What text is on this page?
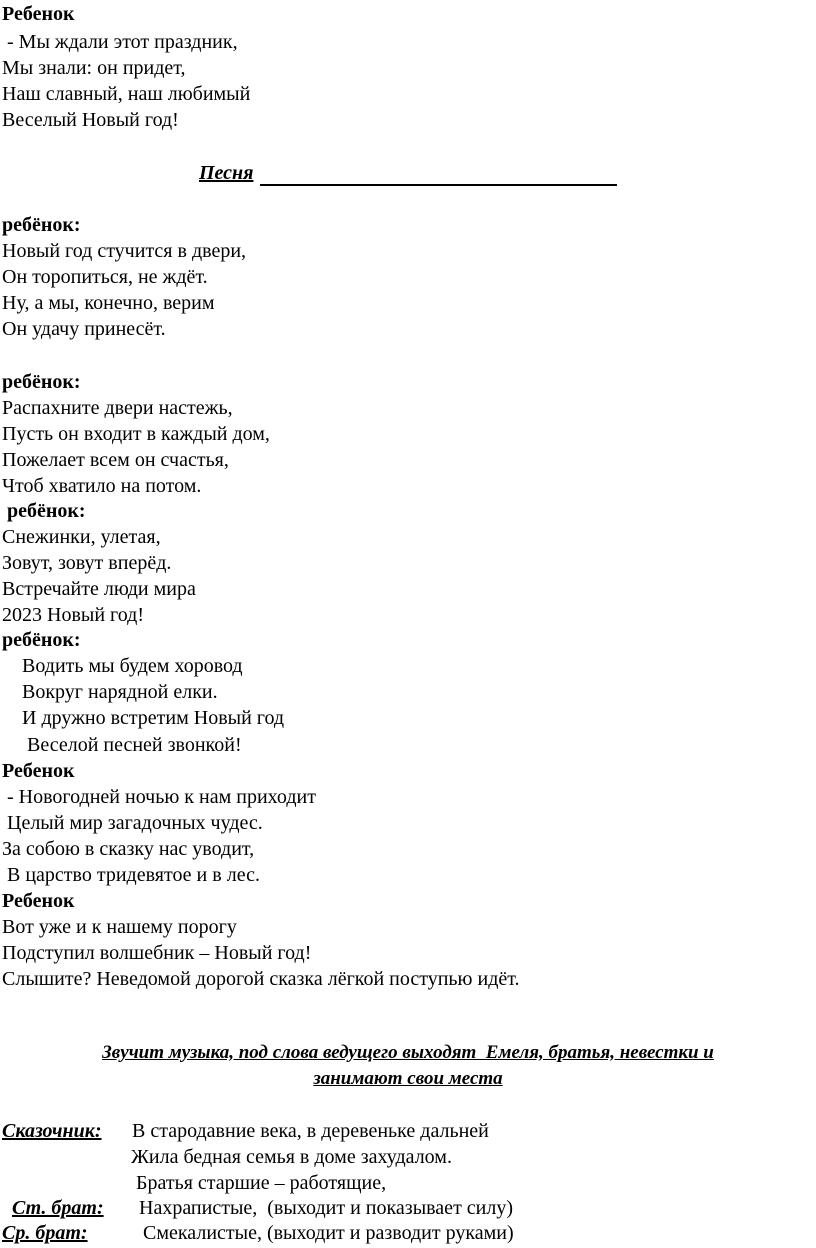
Ребенок
- Мы ждали этот праздник,
Мы знали: он придет,
Наш славный, наш любимый
Веселый Новый год!
Песня
ребёнок:
Новый год стучится в двери,
Он торопиться, не ждёт.
Ну, а мы, конечно, верим
Он удачу принесёт.
ребёнок:
Распахните двери настежь,
Пусть он входит в каждый дом,
Пожелает всем он счастья,
Чтоб хватило на потом.
ребёнок:
Снежинки, улетая,
Зовут, зовут вперёд.
Встречайте люди мира
2023 Новый год!
ребёнок:
Водить мы будем хоровод
Вокруг нарядной елки.
И дружно встретим Новый год
Веселой песней звонкой!
Ребенок
- Новогодней ночью к нам приходит
Целый мир загадочных чудес.
За собою в сказку нас уводит,
В царство тридевятое и в лес.
Ребенок
Вот уже и к нашему порогу
Подступил волшебник – Новый год!
Слышите? Неведомой дорогой сказка лёгкой поступью идёт.
Звучит музыка, под слова ведущего выходят  Емеля, братья, невестки и
занимают свои места
Сказочник: В стародавние века, в деревеньке дальней
Жила бедная семья в доме захудалом.
Братья старшие – работящие,
Ст. брат: Нахрапистые,  (выходит и показывает силу)
Ср. брат:	Смекалистые, (выходит и разводит руками)
